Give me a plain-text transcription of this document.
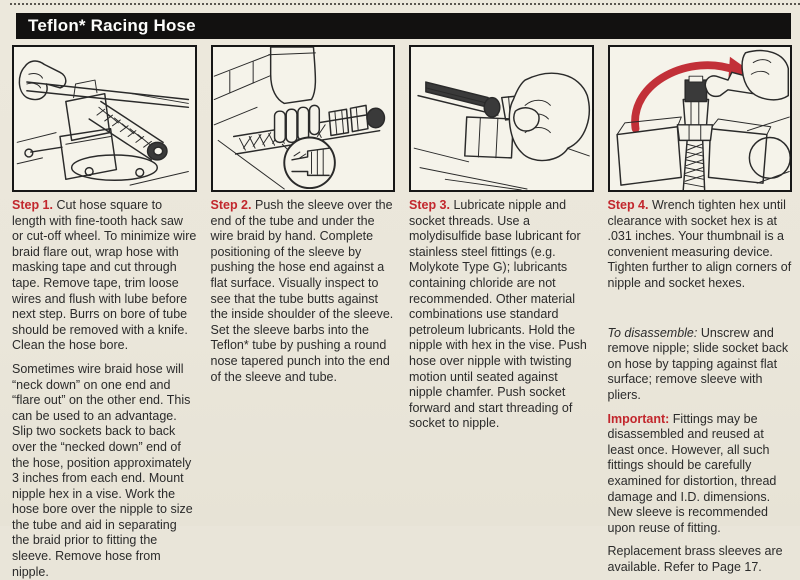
Teflon* Racing Hose

Step 1. Cut hose square to length with fine-tooth hack saw or cut-off wheel. To minimize wire braid flare out, wrap hose with masking tape and cut through tape. Remove tape, trim loose wires and flush with lube before next step. Burrs on bore of tube should be removed with a knife. Clean the hose bore.

Sometimes wire braid hose will “neck down” on one end and “flare out” on the other end. This can be used to an advantage. Slip two sockets back to back over the “necked down” end of the hose, position approximately 3 inches from each end. Mount nipple hex in a vise. Work the hose bore over the nipple to size the tube and aid in separating the braid prior to fitting the sleeve. Remove hose from nipple.

Step 2. Push the sleeve over the end of the tube and under the wire braid by hand. Complete positioning of the sleeve by pushing the hose end against a flat surface. Visually inspect to see that the tube butts against the inside shoulder of the sleeve. Set the sleeve barbs into the Teflon* tube by pushing a round nose tapered punch into the end of the sleeve and tube.

Step 3. Lubricate nipple and socket threads. Use a molydisulfide base lubricant for stainless steel fittings (e.g. Molykote Type G); lubricants containing chloride are not recommended. Other material combinations use standard petroleum lubricants. Hold the nipple with hex in the vise. Push hose over nipple with twisting motion until seated against nipple chamfer. Push socket forward and start threading of socket to nipple.

Step 4. Wrench tighten hex until clearance with socket hex is at .031 inches. Your thumbnail is a convenient measuring device. Tighten further to align corners of nipple and socket hexes.

To disassemble: Unscrew and remove nipple; slide socket back on hose by tapping against flat surface; remove sleeve with pliers.

Important: Fittings may be disassembled and reused at least once. However, all such fittings should be carefully examined for distortion, thread damage and I.D. dimensions. New sleeve is recommended upon reuse of fitting.

Replacement brass sleeves are available. Refer to Page 17.
